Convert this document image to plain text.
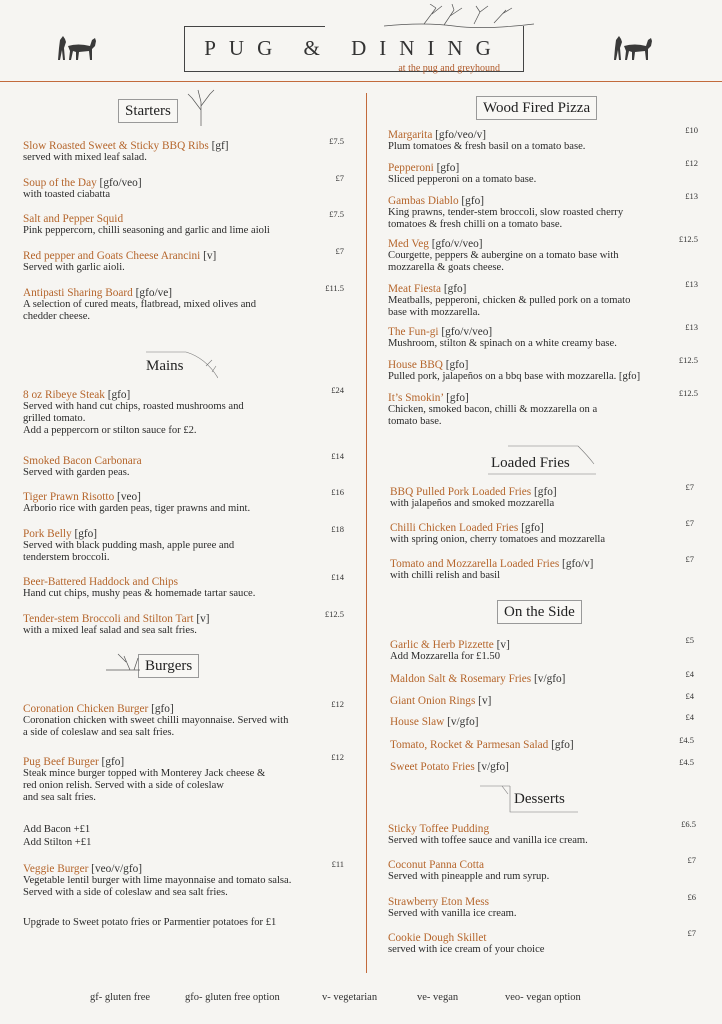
PUG & DINING
at the pug and greyhound
Starters
Slow Roasted Sweet & Sticky BBQ Ribs [gf]
served with mixed leaf salad.
£7.5
Soup of the Day [gfo/veo]
with toasted ciabatta
£7
Salt and Pepper Squid
Pink peppercorn, chilli seasoning and garlic and lime aioli
£7.5
Red pepper and Goats Cheese Arancini [v]
Served with garlic aioli.
£7
Antipasti Sharing Board [gfo/ve]
A selection of cured meats, flatbread, mixed olives and
chedder cheese.
£11.5
Mains
8 oz Ribeye Steak [gfo]
Served with hand cut chips, roasted mushrooms and
grilled tomato.
Add a peppercorn or stilton sauce for £2.
£24
Smoked Bacon Carbonara
Served with garden peas.
£14
Tiger Prawn Risotto [veo]
Arborio rice with garden peas, tiger prawns and mint.
£16
Pork Belly [gfo]
Served with black pudding mash, apple puree and
tenderstem broccoli.
£18
Beer-Battered Haddock and Chips
Hand cut chips, mushy peas & homemade tartar sauce.
£14
Tender-stem Broccoli and Stilton Tart [v]
with a mixed leaf salad and sea salt fries.
£12.5
Burgers
Coronation Chicken Burger [gfo]
Coronation chicken with sweet chilli mayonnaise. Served with
a side of coleslaw and sea salt fries.
£12
Pug Beef Burger [gfo]
Steak mince burger topped with Monterey Jack cheese &
red onion relish. Served with a side of coleslaw
and sea salt fries.
£12
Veggie Burger [veo/v/gfo]
Vegetable lentil burger with lime mayonnaise and tomato salsa.
Served with a side of coleslaw and sea salt fries.
£11
Add Bacon +£1
Add Stilton +£1
Upgrade to Sweet potato fries or Parmentier potatoes for £1
Wood Fired Pizza
Margarita [gfo/veo/v]
Plum tomatoes & fresh basil on a tomato base.
£10
Pepperoni [gfo]
Sliced pepperoni on a tomato base.
£12
Gambas Diablo [gfo]
King prawns, tender-stem broccoli, slow roasted cherry
tomatoes & fresh chilli on a tomato base.
£13
Med Veg [gfo/v/veo]
Courgette, peppers & aubergine on a tomato base with
mozzarella & goats cheese.
£12.5
Meat Fiesta [gfo]
Meatballs, pepperoni, chicken & pulled pork on a tomato
base with mozzarella.
£13
The Fun-gi [gfo/v/veo]
Mushroom, stilton & spinach on a white creamy base.
£13
House BBQ [gfo]
Pulled pork, jalapeños on a bbq base with mozzarella. [gfo]
£12.5
It’s Smokin’ [gfo]
Chicken, smoked bacon, chilli & mozzarella on a
tomato base.
£12.5
Loaded Fries
BBQ Pulled Pork Loaded Fries [gfo]
with jalapeños and smoked mozzarella
£7
Chilli Chicken Loaded Fries [gfo]
with spring onion, cherry tomatoes and mozzarella
£7
Tomato and Mozzarella Loaded Fries [gfo/v]
with chilli relish and basil
£7
On the Side
Garlic & Herb Pizzette [v]
Add Mozzarella for £1.50
£5
Maldon Salt & Rosemary Fries [v/gfo]	£4
Giant Onion Rings [v]	£4
House Slaw [v/gfo]	£4
Tomato, Rocket & Parmesan Salad [gfo]	£4.5
Sweet Potato Fries [v/gfo]	£4.5
Desserts
Sticky Toffee Pudding
Served with toffee sauce and vanilla ice cream.
£6.5
Coconut Panna Cotta
Served with pineapple and rum syrup.
£7
Strawberry Eton Mess
Served with vanilla ice cream.
£6
Cookie Dough Skillet
served with ice cream of your choice
£7
gf- gluten free	gfo- gluten free option	v- vegetarian	ve- vegan	veo- vegan option
